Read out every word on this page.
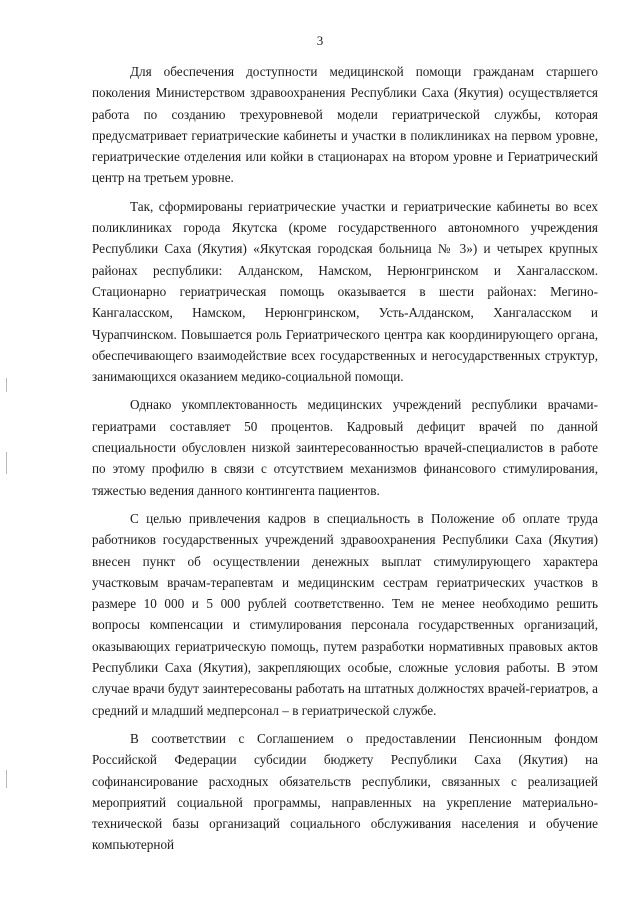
3

Для обеспечения доступности медицинской помощи гражданам старшего поколения Министерством здравоохранения Республики Саха (Якутия) осуществляется работа по созданию трехуровневой модели гериатрической службы, которая предусматривает гериатрические кабинеты и участки в поликлиниках на первом уровне, гериатрические отделения или койки в стационарах на втором уровне и Гериатрический центр на третьем уровне.

Так, сформированы гериатрические участки и гериатрические кабинеты во всех поликлиниках города Якутска (кроме государственного автономного учреждения Республики Саха (Якутия) «Якутская городская больница № 3») и четырех крупных районах республики: Алданском, Намском, Нерюнгринском и Хангаласском. Стационарно гериатрическая помощь оказывается в шести районах: Мегино-Кангаласском, Намском, Нерюнгринском, Усть-Алданском, Хангаласском и Чурапчинском. Повышается роль Гериатрического центра как координирующего органа, обеспечивающего взаимодействие всех государственных и негосударственных структур, занимающихся оказанием медико-социальной помощи.

Однако укомплектованность медицинских учреждений республики врачами-гериатрами составляет 50 процентов. Кадровый дефицит врачей по данной специальности обусловлен низкой заинтересованностью врачей-специалистов в работе по этому профилю в связи с отсутствием механизмов финансового стимулирования, тяжестью ведения данного контингента пациентов.

С целью привлечения кадров в специальность в Положение об оплате труда работников государственных учреждений здравоохранения Республики Саха (Якутия) внесен пункт об осуществлении денежных выплат стимулирующего характера участковым врачам-терапевтам и медицинским сестрам гериатрических участков в размере 10 000 и 5 000 рублей соответственно. Тем не менее необходимо решить вопросы компенсации и стимулирования персонала государственных организаций, оказывающих гериатрическую помощь, путем разработки нормативных правовых актов Республики Саха (Якутия), закрепляющих особые, сложные условия работы. В этом случае врачи будут заинтересованы работать на штатных должностях врачей-гериатров, а средний и младший медперсонал – в гериатрической службе.

В соответствии с Соглашением о предоставлении Пенсионным фондом Российской Федерации субсидии бюджету Республики Саха (Якутия) на софинансирование расходных обязательств республики, связанных с реализацией мероприятий социальной программы, направленных на укрепление материально-технической базы организаций социального обслуживания населения и обучение компьютерной
